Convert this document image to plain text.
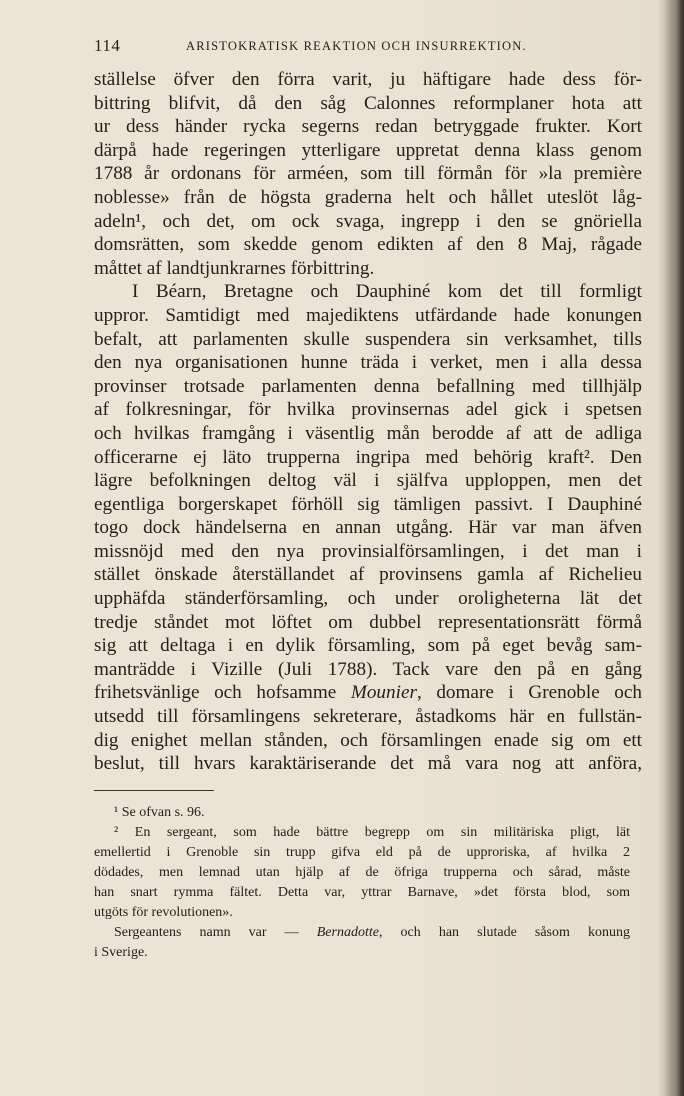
114	ARISTOKRATISK REAKTION OCH INSURREKTION.
ställelse öfver den förra varit, ju häftigare hade dess för-
bittring blifvit, då den såg Calonnes reformplaner hota att
ur dess händer rycka segerns redan betryggade frukter. Kort
därpå hade regeringen ytterligare uppretat denna klass genom
1788 år ordonans för arméen, som till förmån för »la première
noblesse» från de högsta graderna helt och hållet uteslöt låg-
adeln¹, och det, om ock svaga, ingrepp i den se gnöriella
domsrätten, som skedde genom edikten af den 8 Maj, rågade
måttet af landtjunkrarnes förbittring.
I Béarn, Bretagne och Dauphiné kom det till formligt
uppror. Samtidigt med majediktens utfärdande hade konungen
befalt, att parlamenten skulle suspendera sin verksamhet, tills
den nya organisationen hunne träda i verket, men i alla dessa
provinser trotsade parlamenten denna befallning med tillhjälp
af folkresningar, för hvilka provinsernas adel gick i spetsen
och hvilkas framgång i väsentlig mån berodde af att de adliga
officerarne ej läto trupperna ingripa med behörig kraft². Den
lägre befolkningen deltog väl i själfva upploppen, men det
egentliga borgerskapet förhöll sig tämligen passivt. I Dauphiné
togo dock händelserna en annan utgång. Här var man äfven
missnöjd med den nya provinsialförsamlingen, i det man i
stället önskade återställandet af provinsens gamla af Richelieu
upphäfda ständerförsamling, och under oroligheterna lät det
tredje ståndet mot löftet om dubbel representationsrätt förmå
sig att deltaga i en dylik församling, som på eget bevåg sam-
manträdde i Vizille (Juli 1788). Tack vare den på en gång
frihetsvänlige och hofsamme Mounier, domare i Grenoble och
utsedd till församlingens sekreterare, åstadkoms här en fullstän-
dig enighet mellan stånden, och församlingen enade sig om ett
beslut, till hvars karaktäriserande det må vara nog att anföra,
¹ Se ofvan s. 96.
² En sergeant, som hade bättre begrepp om sin militäriska pligt, lät
emellertid i Grenoble sin trupp gifva eld på de upproriska, af hvilka 2
dödades, men lemnad utan hjälp af de öfriga trupperna och sårad, måste
han snart rymma fältet. Detta var, yttrar Barnave, »det första blod, som
utgöts för revolutionen».
Sergeantens namn var — Bernadotte, och han slutade såsom konung
i Sverige.
